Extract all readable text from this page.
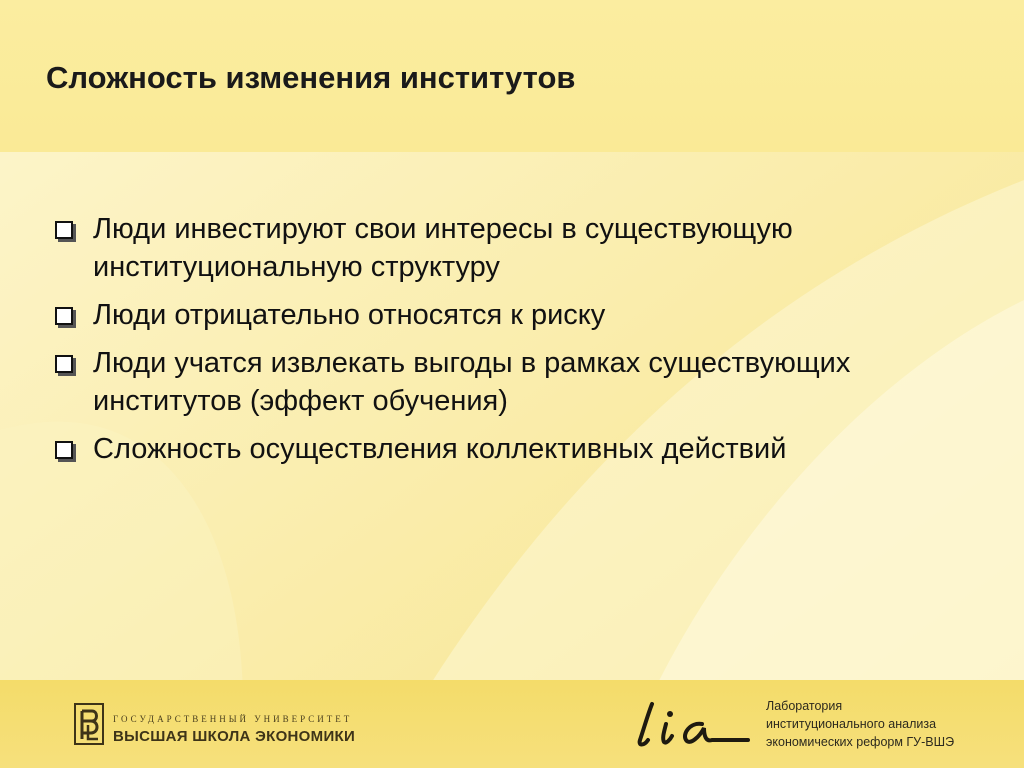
Сложность изменения институтов
Люди инвестируют свои интересы в существующую институциональную структуру
Люди отрицательно относятся к риску
Люди учатся извлекать выгоды в рамках существующих институтов (эффект обучения)
Сложность осуществления коллективных действий
ГОСУДАРСТВЕННЫЙ УНИВЕРСИТЕТ
ВЫСШАЯ ШКОЛА ЭКОНОМИКИ
Лаборатория
институционального анализа
экономических реформ ГУ-ВШЭ
